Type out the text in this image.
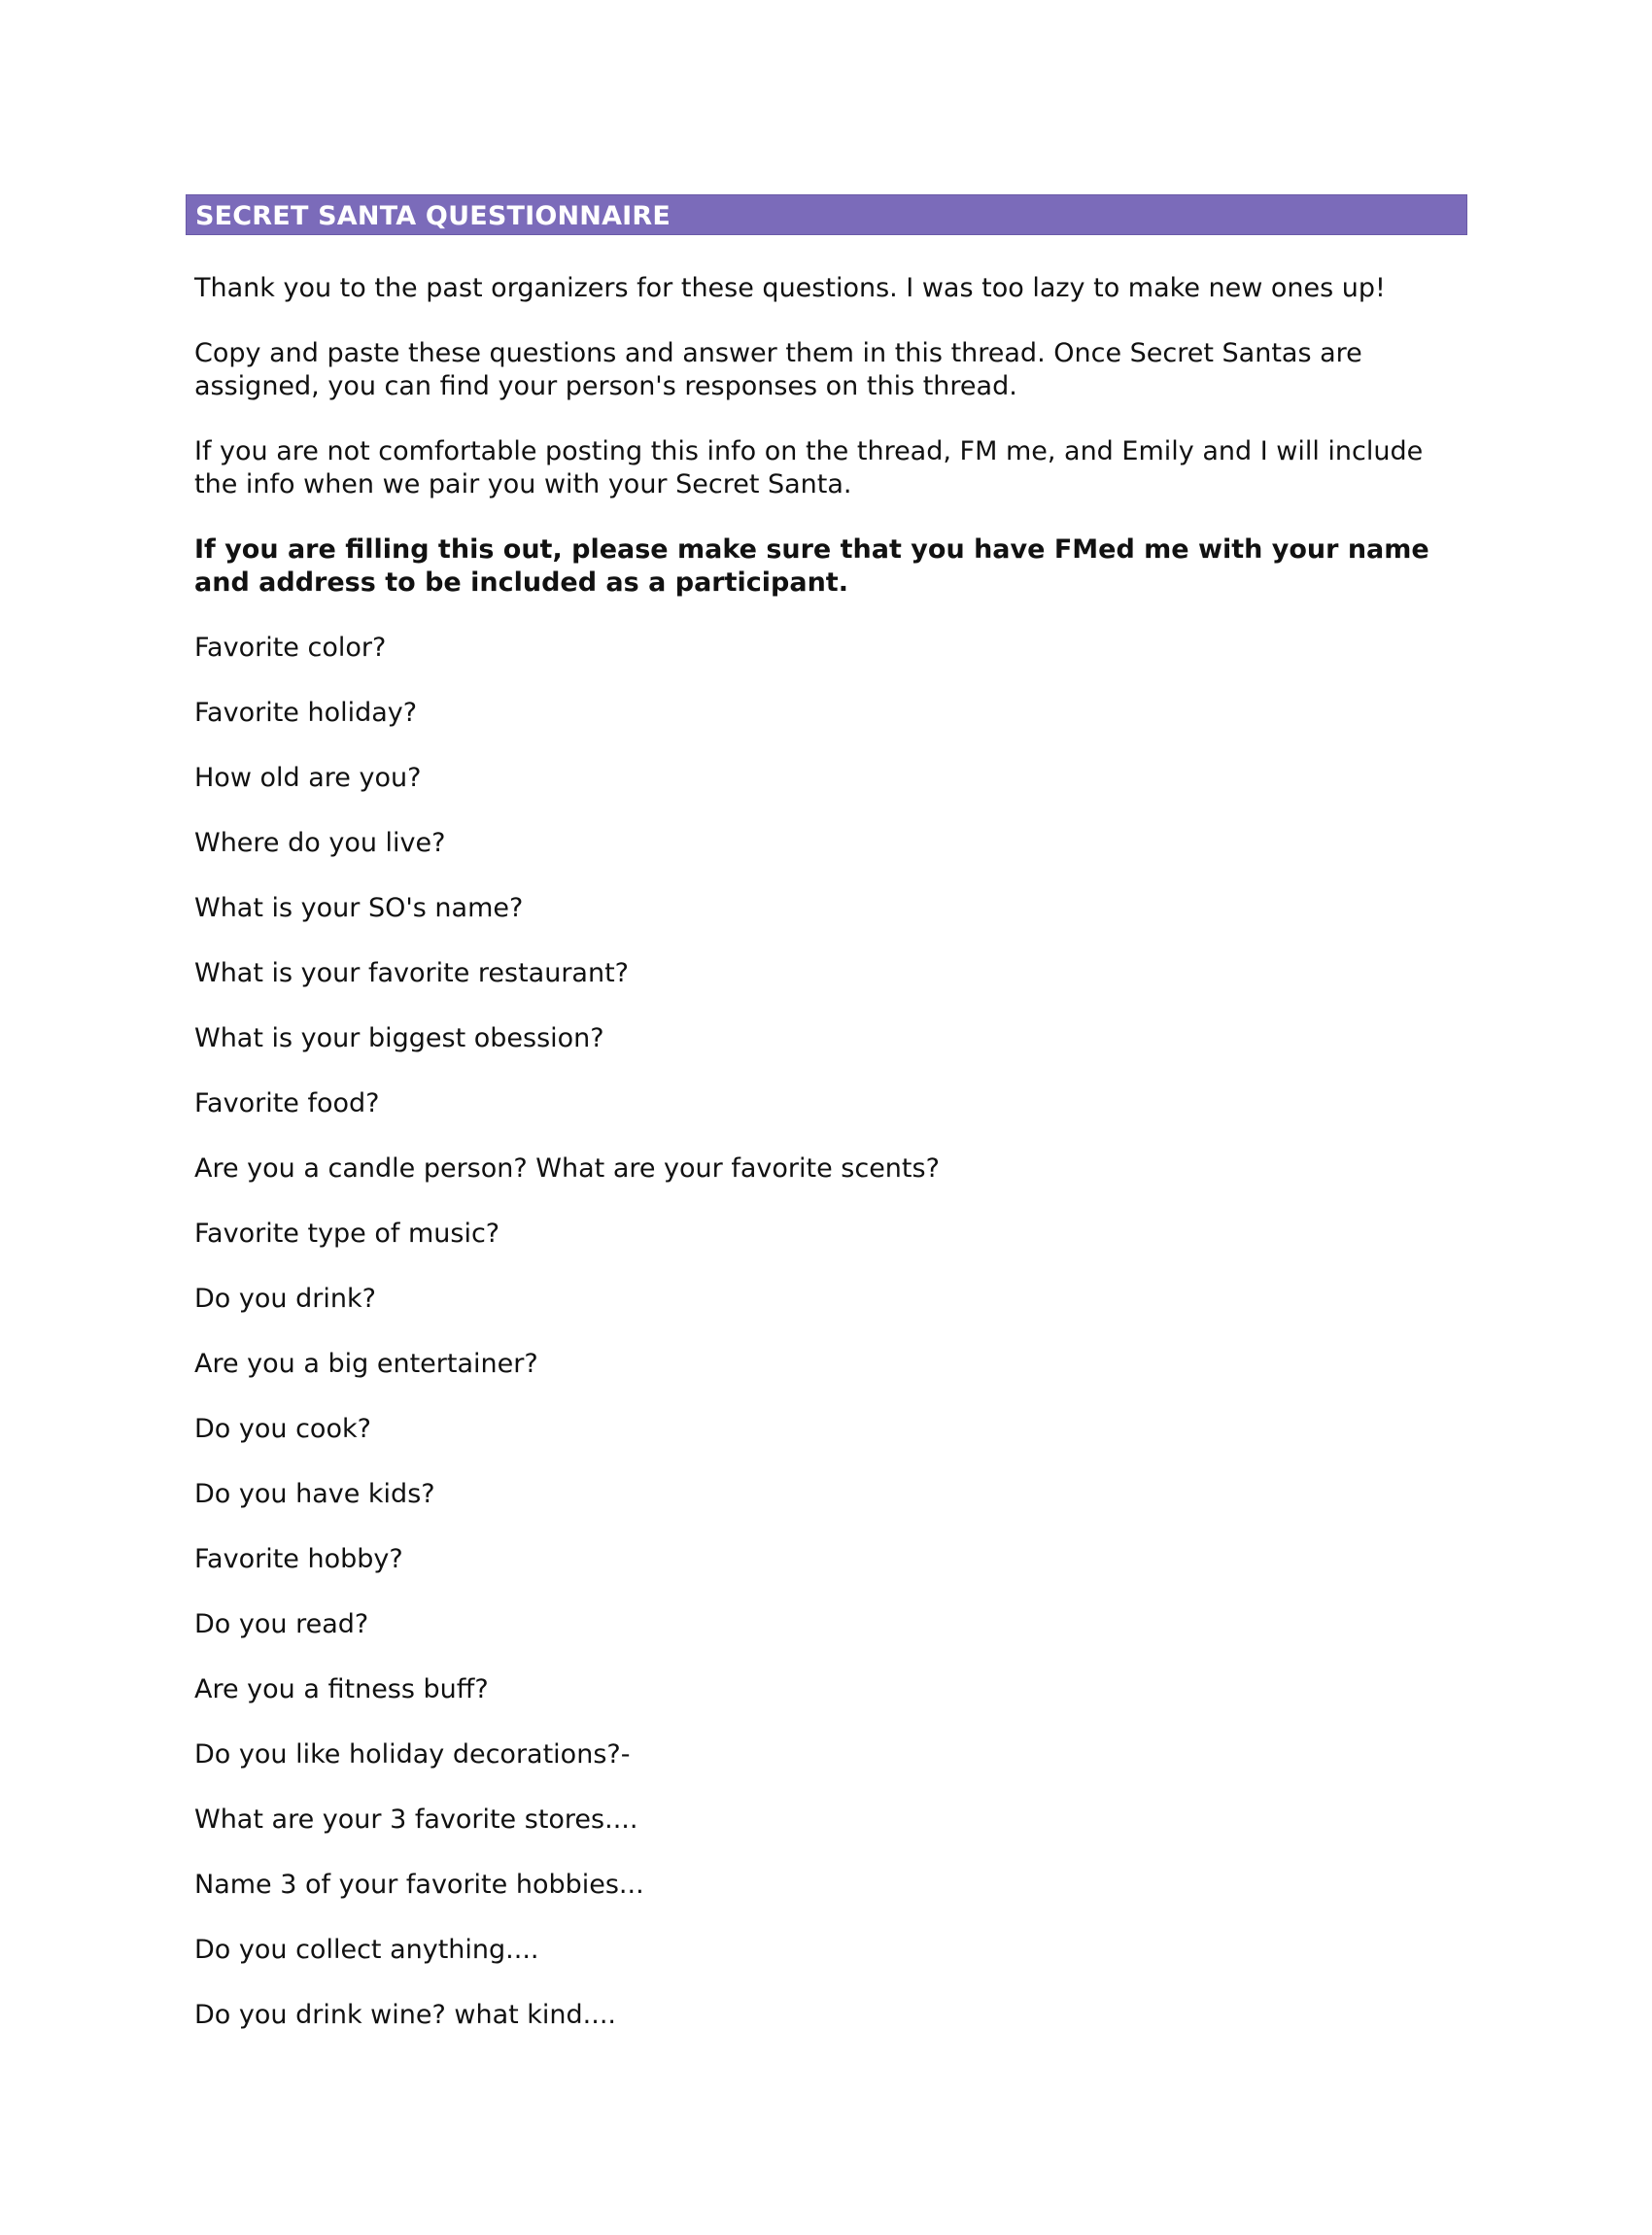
SECRET SANTA QUESTIONNAIRE

Thank you to the past organizers for these questions. I was too lazy to make new ones up!

Copy and paste these questions and answer them in this thread. Once Secret Santas are assigned, you can find your person's responses on this thread.

If you are not comfortable posting this info on the thread, FM me, and Emily and I will include the info when we pair you with your Secret Santa.

If you are filling this out, please make sure that you have FMed me with your name and address to be included as a participant.

Favorite color?

Favorite holiday?

How old are you?

Where do you live?

What is your SO's name?

What is your favorite restaurant?

What is your biggest obession?

Favorite food?

Are you a candle person? What are your favorite scents?

Favorite type of music?

Do you drink?

Are you a big entertainer?

Do you cook?

Do you have kids?

Favorite hobby?

Do you read?

Are you a fitness buff?

Do you like holiday decorations?-

What are your 3 favorite stores....

Name 3 of your favorite hobbies...

Do you collect anything....

Do you drink wine? what kind....
